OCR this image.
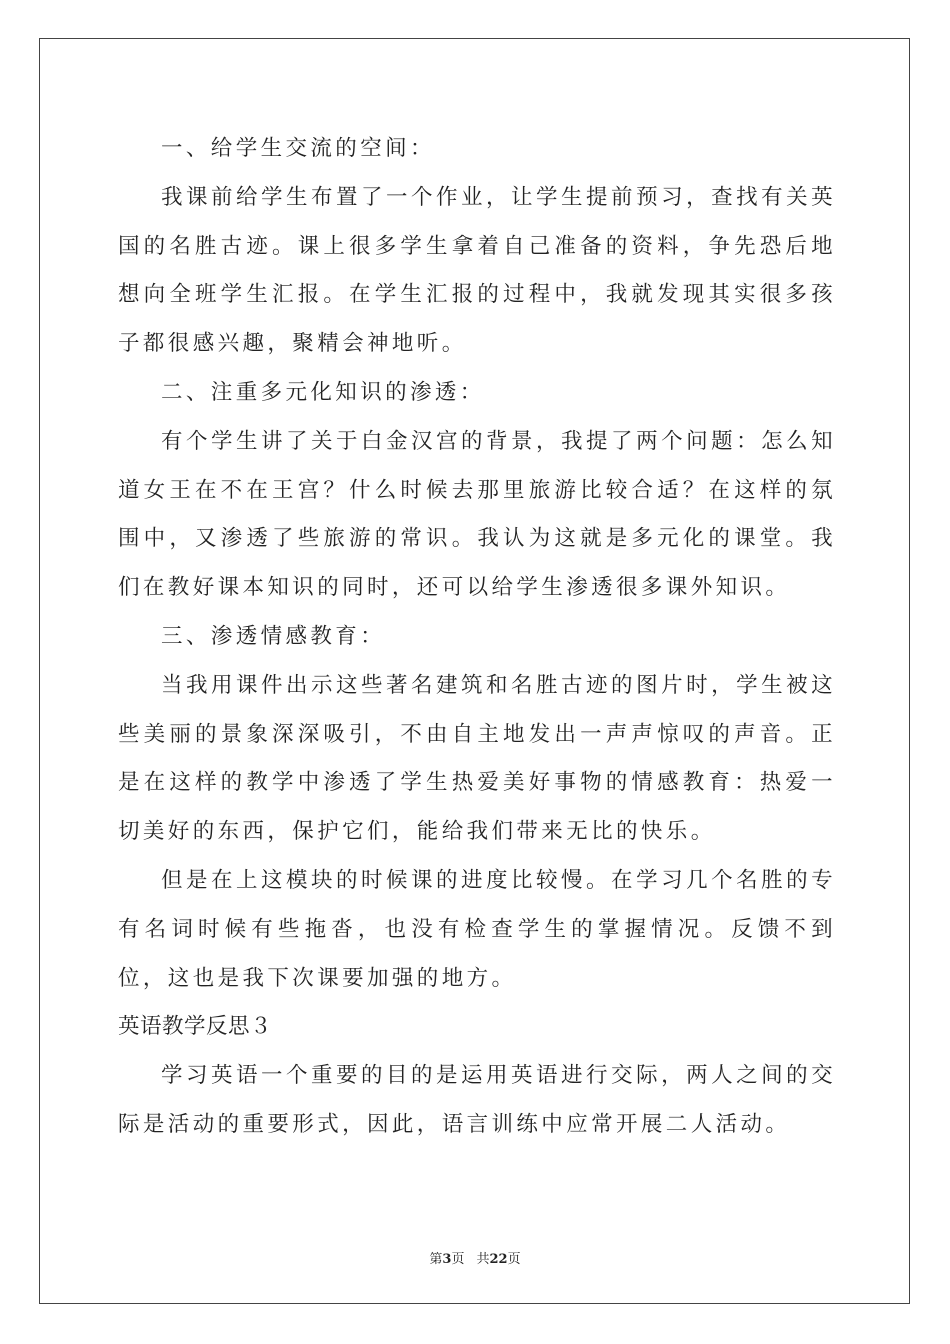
一、给学生交流的空间：

我课前给学生布置了一个作业，让学生提前预习，查找有关英国的名胜古迹。课上很多学生拿着自己准备的资料，争先恐后地想向全班学生汇报。在学生汇报的过程中，我就发现其实很多孩子都很感兴趣，聚精会神地听。

二、注重多元化知识的渗透：

有个学生讲了关于白金汉宫的背景，我提了两个问题：怎么知道女王在不在王宫？什么时候去那里旅游比较合适？在这样的氛围中，又渗透了些旅游的常识。我认为这就是多元化的课堂。我们在教好课本知识的同时，还可以给学生渗透很多课外知识。

三、渗透情感教育：

当我用课件出示这些著名建筑和名胜古迹的图片时，学生被这些美丽的景象深深吸引，不由自主地发出一声声惊叹的声音。正是在这样的教学中渗透了学生热爱美好事物的情感教育：热爱一切美好的东西，保护它们，能给我们带来无比的快乐。

但是在上这模块的时候课的进度比较慢。在学习几个名胜的专有名词时候有些拖沓，也没有检查学生的掌握情况。反馈不到位，这也是我下次课要加强的地方。

英语教学反思３

学习英语一个重要的目的是运用英语进行交际，两人之间的交际是活动的重要形式，因此，语言训练中应常开展二人活动。

第3页 共22页
